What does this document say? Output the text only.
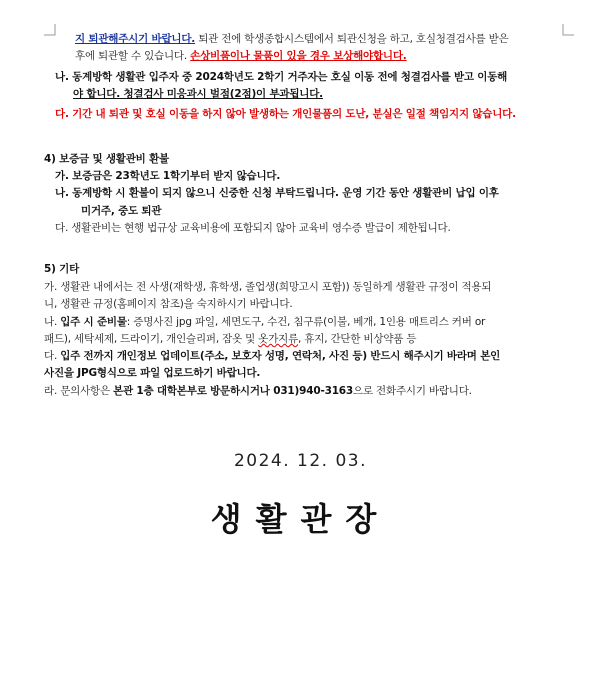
지 퇴관해주시기 바랍니다. 퇴관 전에 학생종합시스템에서 퇴관신청을 하고, 호실청결검사를 받은
후에 퇴관할 수 있습니다. 손상비품이나 물품이 있을 경우 보상해야합니다.
나. 동계방학 생활관 입주자 중 2024학년도 2학기 거주자는 호실 이동 전에 청결검사를 받고 이동해
야 합니다. 청결검사 미응과시 벌점(2점)이 부과됩니다.
다. 기간 내 퇴관 및 호실 이동을 하지 않아 발생하는 개인물품의 도난, 분실은 일절 책임지지 않습니다.
4) 보증금 및 생활관비 환불
가. 보증금은 23학년도 1학기부터 받지 않습니다.
나. 동계방학 시 환불이 되지 않으니 신중한 신청 부탁드립니다. 운영 기간 동안 생활관비 납입 이후
미거주, 중도 퇴관
다. 생활관비는 현행 법규상 교육비용에 포함되지 않아 교육비 영수증 발급이 제한됩니다.
5) 기타
가. 생활관 내에서는 전 사생(재학생, 휴학생, 졸업생(희망고시 포함)) 동일하게 생활관 규정이 적용되
니, 생활관 규정(홈페이지 참조)을 숙지하시기 바랍니다.
나. 입주 시 준비물: 증명사진 jpg 파일, 세면도구, 수건, 침구류(이불, 베개, 1인용 매트리스 커버 or
패드), 세탁세제, 드라이기, 개인슬리퍼, 잠옷 및 옷가지류, 휴지, 간단한 비상약품 등
다. 입주 전까지 개인정보 업데이트(주소, 보호자 성명, 연락처, 사진 등) 반드시 해주시기 바라며 본인
사진을 JPG형식으로 파일 업로드하기 바랍니다.
라. 문의사항은 본관 1층 대학본부로 방문하시거나 031)940-3163으로 전화주시기 바랍니다.
2024. 12. 03.
생활관장
